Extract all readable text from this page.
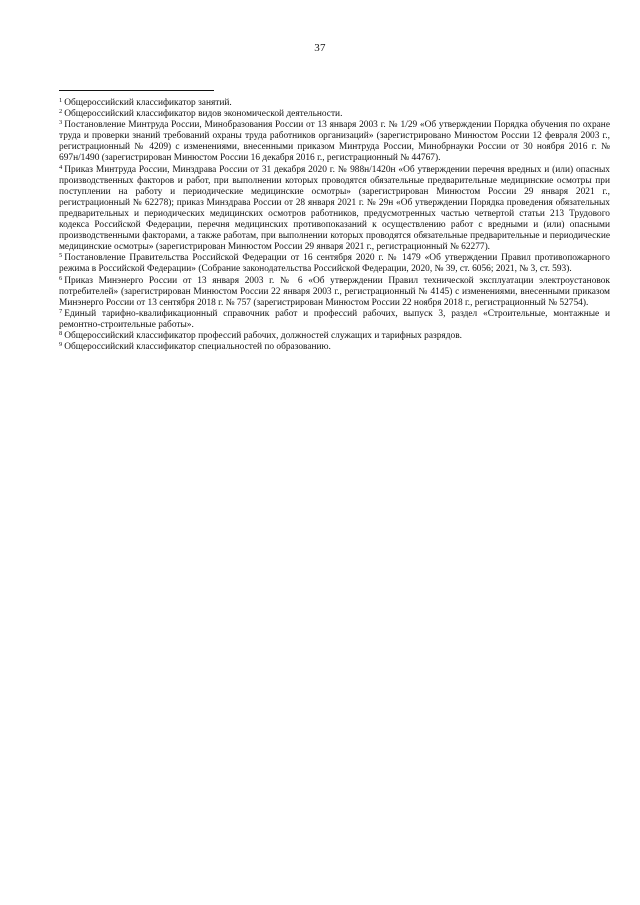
37

$^1$ Общероссийский классификатор занятий.

$^2$ Общероссийский классификатор видов экономической деятельности.

$^3$ Постановление Минтруда России, Минобразования России от 13 января 2003 г. № 1/29 «Об утверждении Порядка обучения по охране труда и проверки знаний требований охраны труда работников организаций» (зарегистрировано Минюстом России 12 февраля 2003 г., регистрационный № 4209) с изменениями, внесенными приказом Минтруда России, Минобрнауки России от 30 ноября 2016 г. № 697н/1490 (зарегистрирован Минюстом России 16 декабря 2016 г., регистрационный № 44767).

$^4$ Приказ Минтруда России, Минздрава России от 31 декабря 2020 г. № 988н/1420н «Об утверждении перечня вредных и (или) опасных производственных факторов и работ, при выполнении которых проводятся обязательные предварительные медицинские осмотры при поступлении на работу и периодические медицинские осмотры» (зарегистрирован Минюстом России 29 января 2021 г., регистрационный № 62278); приказ Минздрава России от 28 января 2021 г. № 29н «Об утверждении Порядка проведения обязательных предварительных и периодических медицинских осмотров работников, предусмотренных частью четвертой статьи 213 Трудового кодекса Российской Федерации, перечня медицинских противопоказаний к осуществлению работ с вредными и (или) опасными производственными факторами, а также работам, при выполнении которых проводятся обязательные предварительные и периодические медицинские осмотры» (зарегистрирован Минюстом России 29 января 2021 г., регистрационный № 62277).

$^5$ Постановление Правительства Российской Федерации от 16 сентября 2020 г. № 1479 «Об утверждении Правил противопожарного режима в Российской Федерации» (Собрание законодательства Российской Федерации, 2020, № 39, ст. 6056; 2021, № 3, ст. 593).

$^6$ Приказ Минэнерго России от 13 января 2003 г. № 6 «Об утверждении Правил технической эксплуатации электроустановок потребителей» (зарегистрирован Минюстом России 22 января 2003 г., регистрационный № 4145) с изменениями, внесенными приказом Минэнерго России от 13 сентября 2018 г. № 757 (зарегистрирован Минюстом России 22 ноября 2018 г., регистрационный № 52754).

$^7$ Единый тарифно-квалификационный справочник работ и профессий рабочих, выпуск 3, раздел «Строительные, монтажные и ремонтно-строительные работы».

$^8$ Общероссийский классификатор профессий рабочих, должностей служащих и тарифных разрядов.

$^9$ Общероссийский классификатор специальностей по образованию.
